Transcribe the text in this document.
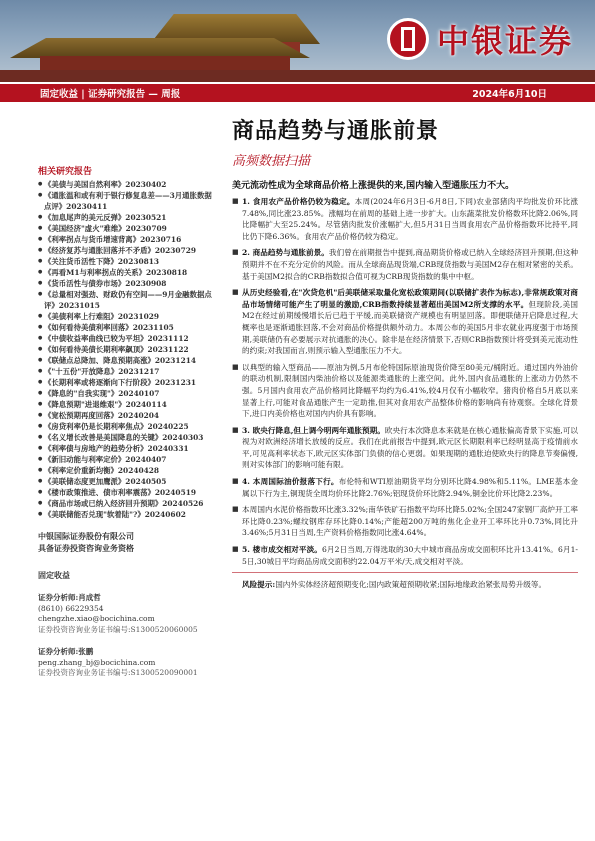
中银证券
固定收益 | 证券研究报告 — 周报	2024年6月10日
商品趋势与通胀前景
高频数据扫描
美元流动性成为全球商品价格上涨提供的来,国内输入型通胀压力不大。
相关研究报告
● 《美债与美国自然利率》20230402
● 《通胀温和或有利于银行修复息差——3月通胀数据点评》20230411
● 《加息尾声的美元反弹》20230521
● 《美国经济"虚火"难维》20230709
● 《利率拐点与货币增速背离》20230716
● 《经济复苏与通胀回落并不矛盾》20230729
● 《关注货币活性下降》20230813
● 《再看M1与利率拐点的关系》20230818
● 《货币活性与债券市场》20230908
● 《总量相对强劲、财政仍有空间——9月金融数据点评》20231015
● 《美债利率上行难阻》20231029
● 《如何看待美债利率回落》20231105
● 《中债收益率曲线已较为平坦》20231112
● 《如何看待美债长期利率飙顶》20231122
● 《联储点总降加、降息预期高涨》20231214
● 《"十五份"开放降息》20231217
● 《长期利率或将逐渐向下行阶段》20231231
● 《降息的"自我实现"》20240107
● 《降息预期"进退维艰"》20240114
● 《宽松预期再度回落》20240204
● 《房贷利率仍是长期利率焦点》20240225
● 《名义增长改善是美国降息的关键》20240303
● 《利率债与房地产的趋势分析》20240331
● 《新旧动能与利率定价》20240407
● 《利率定价重新均衡》20240428
● 《美联储态度更加鹰派》20240505
● 《楼市政策推进、债市利率震荡》20240519
● 《商品市场或已纳入经济回升预期》20240526
● 《美联储能否兑现"软着陆"?》20240602
中银国际证券股份有限公司
具备证券投资咨询业务资格
固定收益
证券分析师:肖成哲
(8610) 66229354
chengzhe.xiao@bocichina.com
证券投资咨询业务证书编号:S1300520060005
证券分析师:张鹏
peng.zhang_bj@bocichina.com
证券投资咨询业务证书编号:S1300520090001
■ 1. 食用农产品价格仍较为稳定。本周(2024年6月3日-6月8日,下同)农业部猪肉平均批发价环比涨7.48%,同比涨23.85%。涨幅均在前周的基础上进一步扩大。山东蔬菜批发价格数环比降2.06%,同比降幅扩大至25.24%。尽管猪肉批发价涨幅扩大,但5月31日当周食用农产品价格指数环比持平,同比仍下降6.36%。食用农产品价格仍较为稳定。
■ 2. 商品趋势与通胀前景。我们曾在前期报告中提到,商品期货价格或已纳入全球经济回升预期,但这种预期并不在不充分定价的风险。而从全球商品现货端,CRB现货指数与美国M2存在相对紧密的关系。基于美国M2拟合的CRB指数拟合值可视为CRB现货指数的集中中枢。
■ 从历史经验看,在"次贷危机"后美联储采取量化宽松政策期间(以联储扩表作为标志),非常规政策对商品市场情绪可能产生了明显的激励,CRB指数持续显著超出美国M2所支撑的水平。但现阶段,美国M2在经过前期缓慢增长后已趋于平缓,而美联储资产规模也有明显回落。即便联储开启降息过程,大概率也是逐渐通胀回落,不会对商品价格提供额外动力。本周公布的美国5月非农就业再度强于市场预期,美联储仍有必要展示对抗通胀的决心。除非是在经济情景下,否则CRB指数预计将受到美元流动性的约束;对我国而言,则预示输入型通胀压力不大。
■ 以典型的输入型商品——原油为例,5月布伦特国际原油现货价降至80美元/桶附近。通过国内外油价的联动机制,限制国内柴油价格以及能源类通胀的上涨空间。此外,国内食品通胀的上涨动力仍然不强。5月国内食用农产品价格同比降幅平均约为6.41%,较4月仅有小幅收窄。猪肉价格自5月底以来显著上行,可能对食品通胀产生一定助推,但其对食用农产品整体价格的影响尚有待观察。全球化背景下,进口内美价格也对国内内价具有影响。
■ 3. 欧央行降息,但上调今明两年通胀预期。欧央行本次降息本来就是在核心通胀偏高背景下实施,可以视为对欧洲经济增长放缓的反应。我们在此前报告中提到,欧元区长期限利率已经明显高于疫情前水平,可见高利率状态下,欧元区实体部门负债的信心更弱。如果现期的通胀迫使欧央行的降息节奏偏慢,则对实体部门的影响可能有限。
■ 4. 本周国际油价报落下行。布伦特和WTI原油期货平均分别环比降4.98%和5.11%。LME基本金属以下行为主,铜现货全周均价环比降2.76%;铝现货价环比降2.94%,铜金比价环比降2.23%。
■ 本周国内水泥价格指数环比涨3.32%;南华铁矿石指数平均环比降5.02%;全国247家钢厂高炉开工率环比降0.23%;螺纹钢库存环比降0.14%;产能超200万吨的焦化企业开工率环比升0.73%,同比升3.46%;5月31日当周,生产资料价格指数同比涨4.64%。
■ 5. 楼市成交相对平淡。6月2日当周,万得选取的30大中城市商品房成交面积环比升13.41%。6月1-5日,30城日平均商品房成交面积约22.04万平米/天,成交相对平淡。
风险提示:国内外实体经济超预期变化;国内政策超预期收紧;国际地缘政治紧张局势升级等。
